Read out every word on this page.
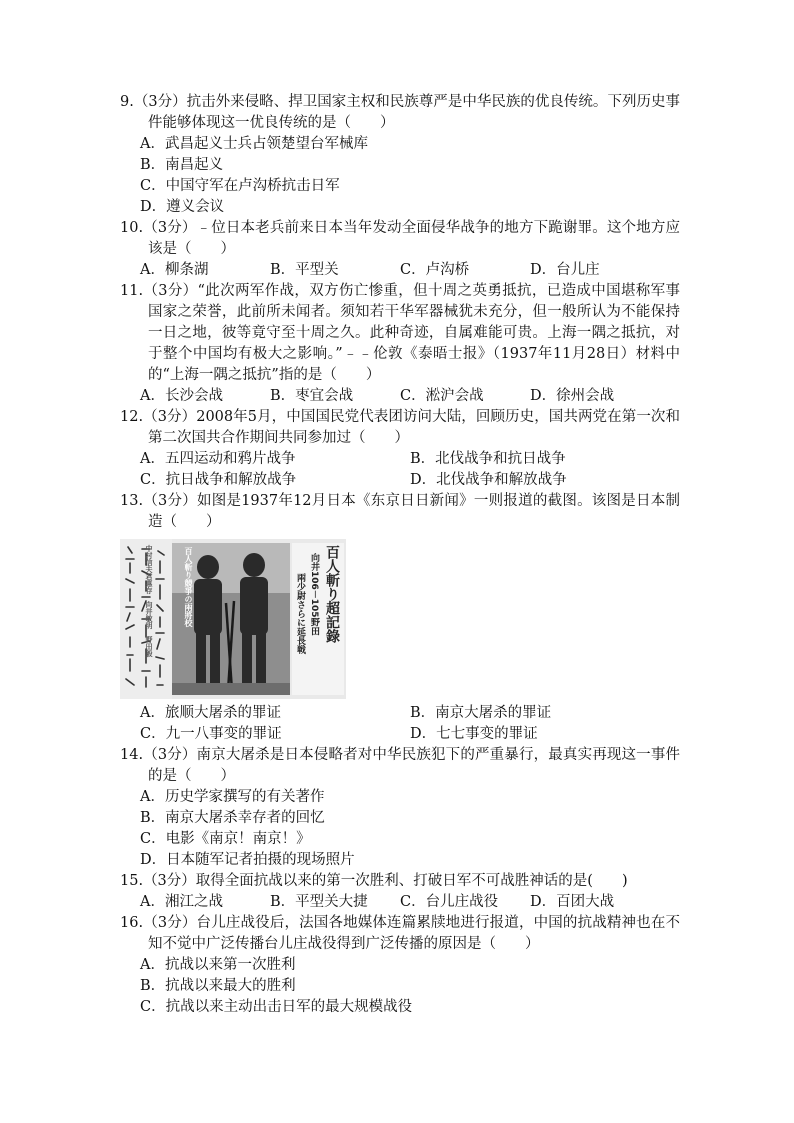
9.（3分）抗击外来侵略、捍卫国家主权和民族尊严是中华民族的优良传统。下列历史事件能够体现这一优良传统的是（　　）
A．武昌起义士兵占领楚望台军械库
B．南昌起义
C．中国守军在卢沟桥抗击日军
D．遵义会议
10.（3分）﹣位日本老兵前来日本当年发动全面侵华战争的地方下跪谢罪。这个地方应该是（　　）
A．柳条湖	B．平型关	C．卢沟桥	D．台儿庄
11.（3分）“此次两军作战，双方伤亡惨重，但十周之英勇抵抗，已造成中国堪称军事国家之荣誉，此前所未闻者。须知若干华军器械犹未充分，但一般所认为不能保持一日之地，彼等竟守至十周之久。此种奇迹，自属难能可贵。上海一隅之抵抗，对于整个中国均有极大之影响。”﹣﹣伦敦《泰晤士报》（1937年11月28日）材料中的“上海一隅之抵抗”指的是（　　）
A．长沙会战	B．枣宜会战	C．淞沪会战	D．徐州会战
12.（3分）2008年5月，中国国民党代表团访问大陆，回顾历史，国共两党在第一次和第二次国共合作期间共同参加过（　　）
A．五四运动和鸦片战争	B．北伐战争和抗日战争
C．抗日战争和解放战争	D．北伐战争和解放战争
13.（3分）如图是1937年12月日本《东京日日新闻》一则报道的截图。该图是日本制造（　　）
百人斬り超記錄
向井106－105野田
兩少尉さらに延長戦
百人斬り競爭の兩將校
中村信夫君惠存　向井敏明　野田毅
A．旅顺大屠杀的罪证	B．南京大屠杀的罪证
C．九一八事变的罪证	D．七七事变的罪证
14.（3分）南京大屠杀是日本侵略者对中华民族犯下的严重暴行，最真实再现这一事件的是（　　）
A．历史学家撰写的有关著作
B．南京大屠杀幸存者的回忆
C．电影《南京！南京！》
D．日本随军记者拍摄的现场照片
15.（3分）取得全面抗战以来的第一次胜利、打破日军不可战胜神话的是(　　)
A．湘江之战	B．平型关大捷	C．台儿庄战役	D．百团大战
16.（3分）台儿庄战役后，法国各地媒体连篇累牍地进行报道，中国的抗战精神也在不知不觉中广泛传播台儿庄战役得到广泛传播的原因是（　　）
A．抗战以来第一次胜利
B．抗战以来最大的胜利
C．抗战以来主动出击日军的最大规模战役
